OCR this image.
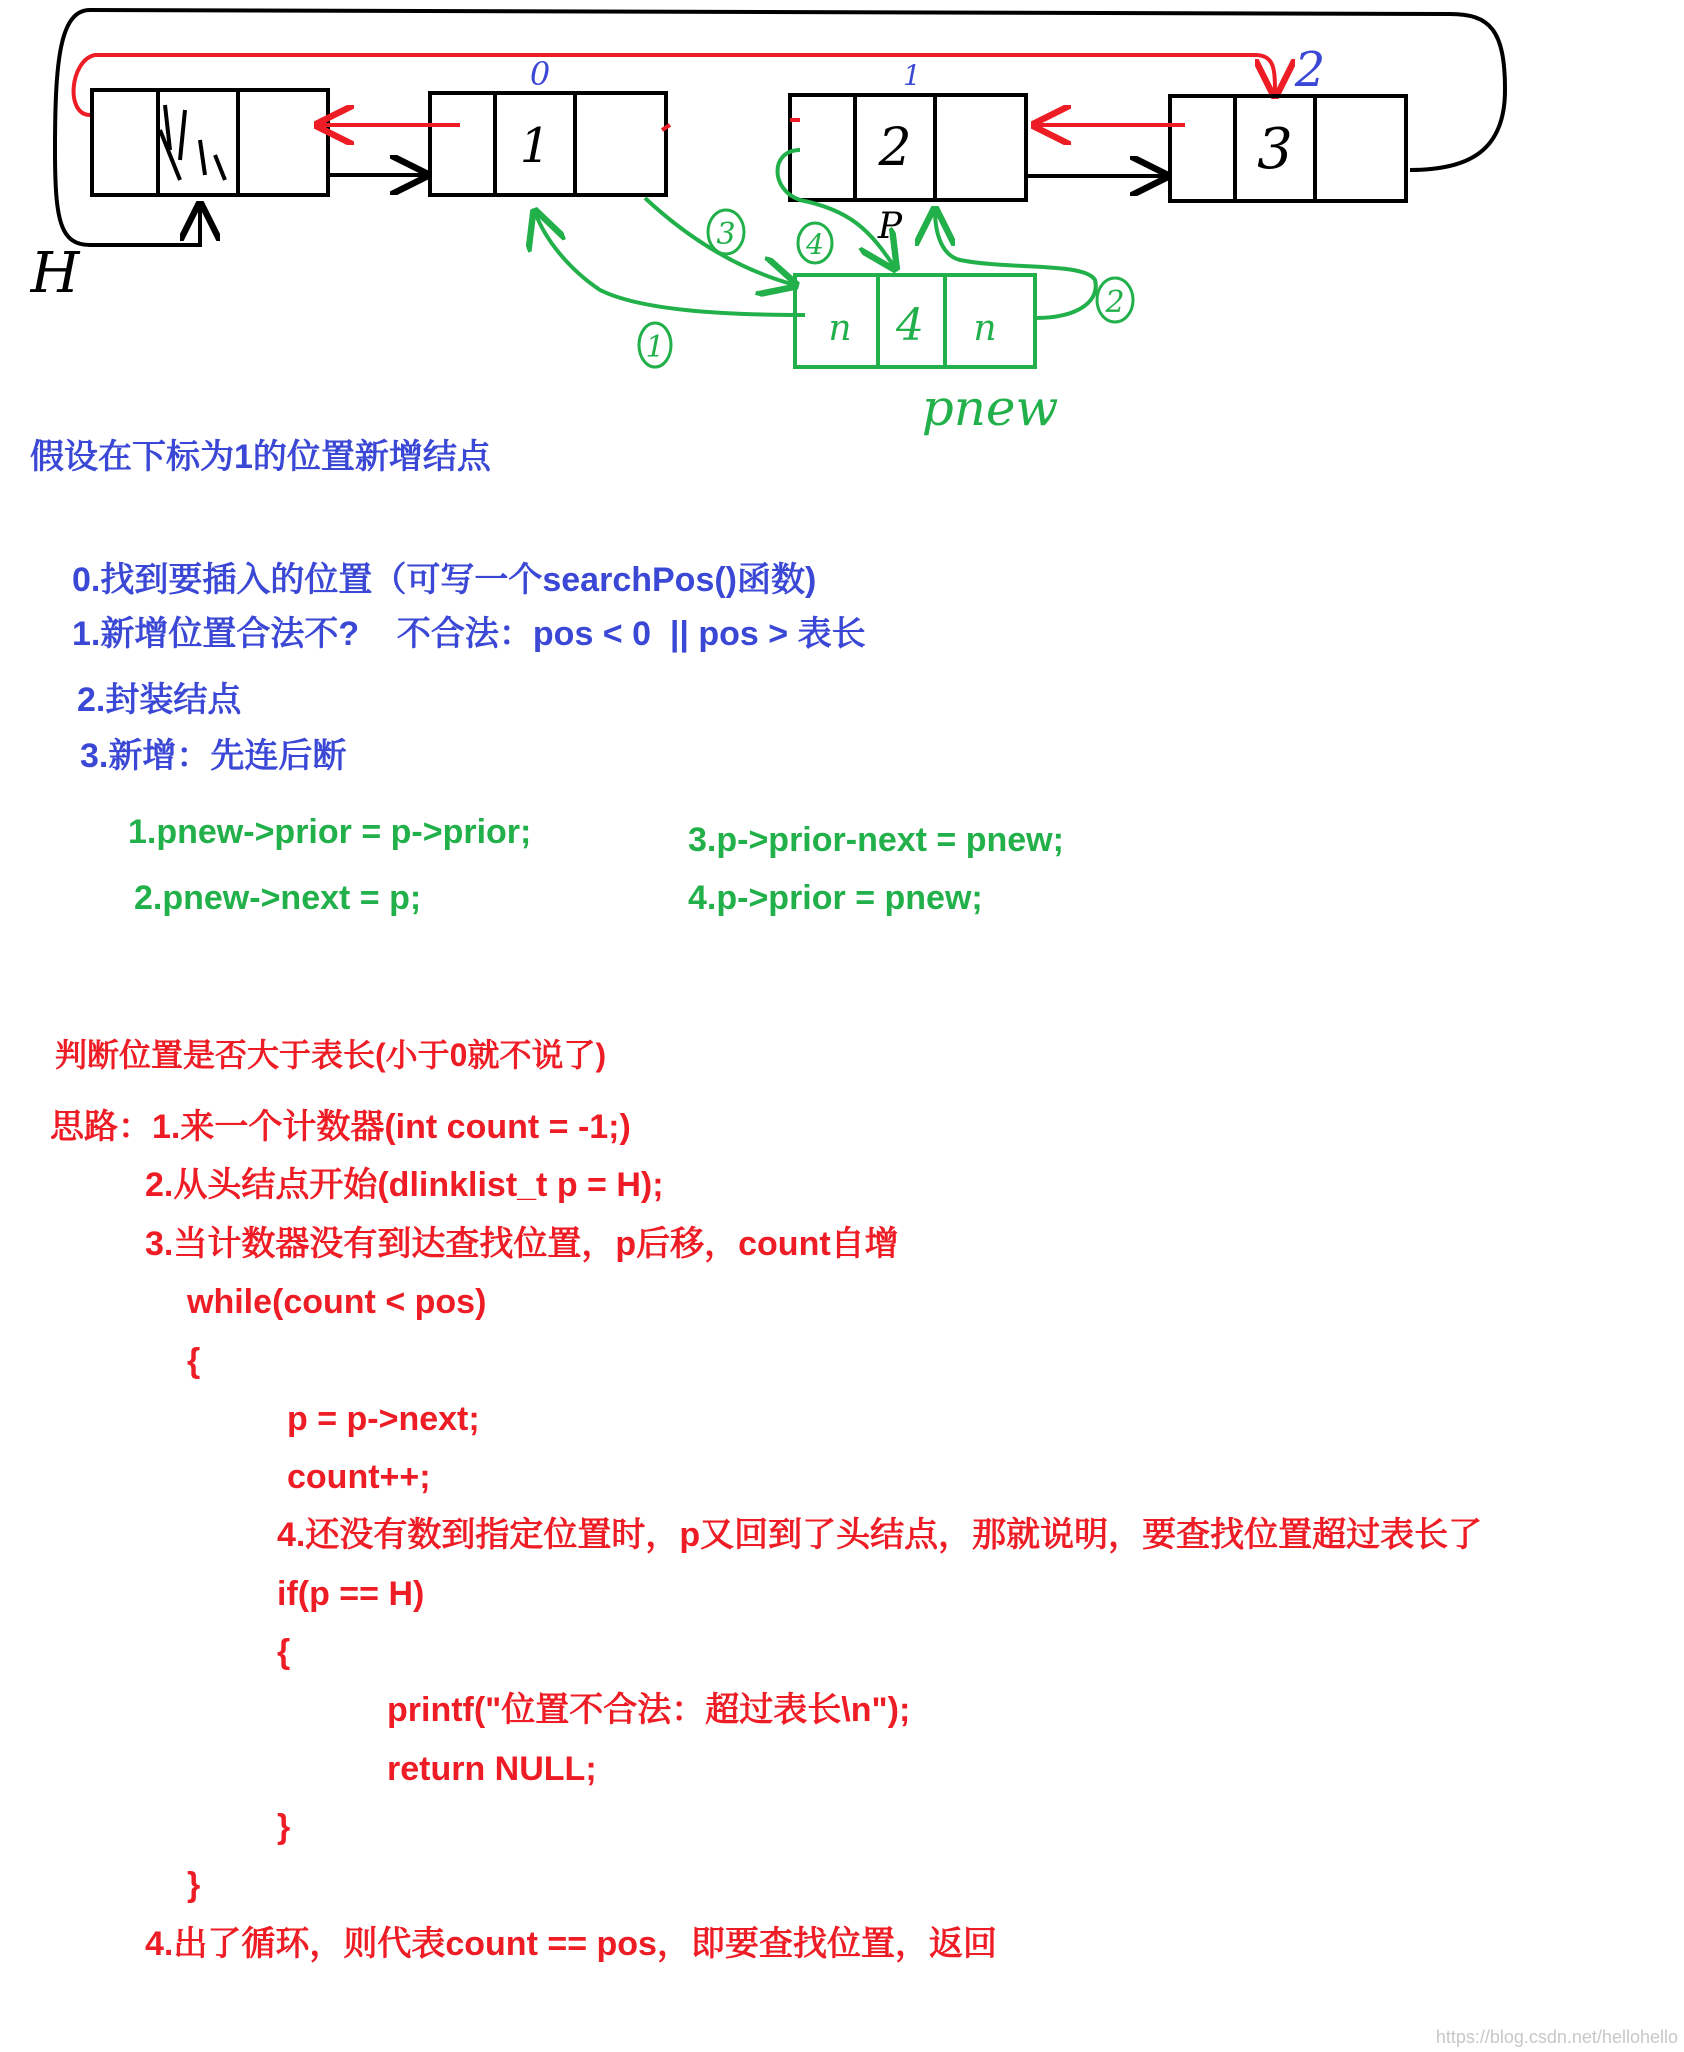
1	2	3
0	1	2
H
P
n 4 n
pnew
1
2
3	4
假设在下标为1的位置新增结点
0.找到要插入的位置（可写一个searchPos()函数)
1.新增位置合法不?    不合法：pos < 0  || pos > 表长
2.封装结点
3.新增：先连后断
1.pnew->prior = p->prior;
2.pnew->next = p;
3.p->prior-next = pnew;
4.p->prior = pnew;
判断位置是否大于表长(小于0就不说了)
思路：1.来一个计数器(int count = -1;)
2.从头结点开始(dlinklist_t p = H);
3.当计数器没有到达查找位置，p后移，count自增
while(count < pos)
{
p = p->next;
count++;
4.还没有数到指定位置时，p又回到了头结点，那就说明，要查找位置超过表长了
if(p == H)
{
printf("位置不合法：超过表长\n");
return NULL;
}
}
4.出了循环，则代表count == pos，即要查找位置，返回
https://blog.csdn.net/hellohello
